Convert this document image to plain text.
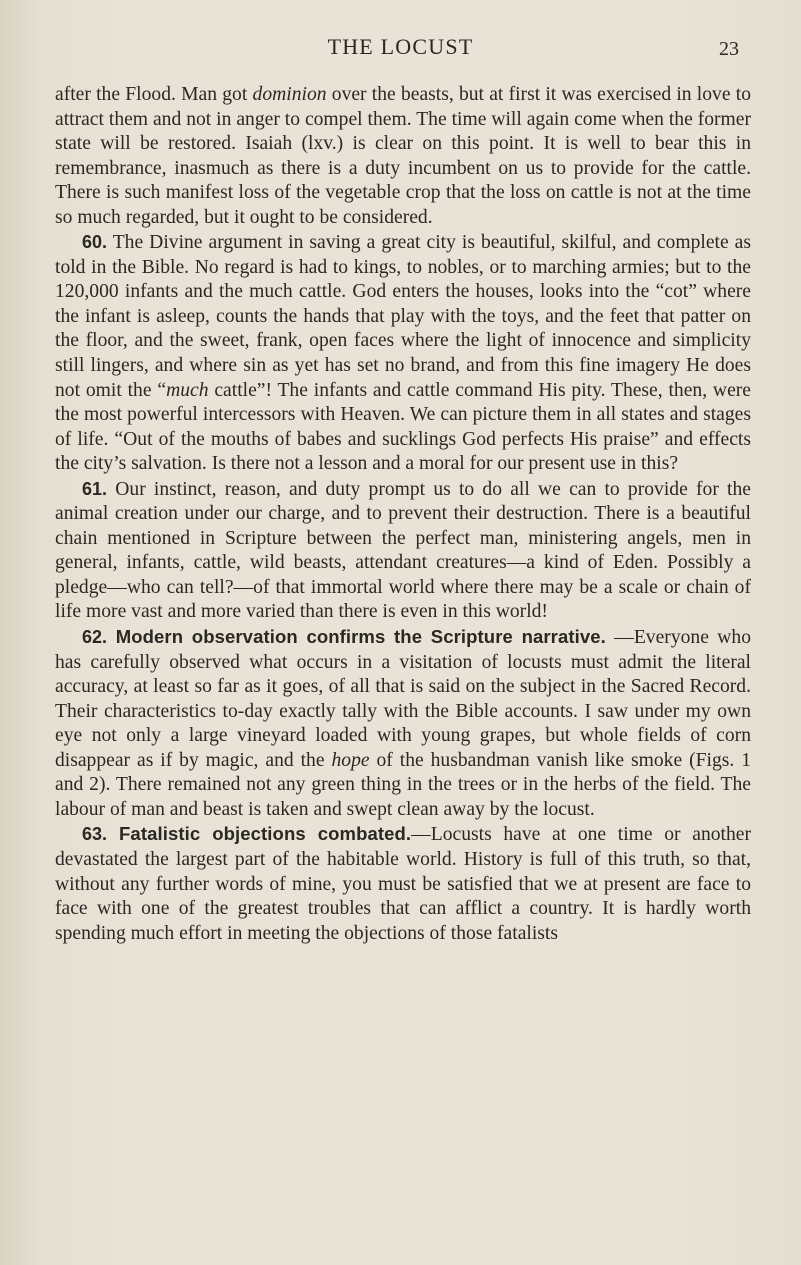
THE LOCUST	23

after the Flood. Man got dominion over the beasts, but at first it was exercised in love to attract them and not in anger to compel them. The time will again come when the former state will be restored. Isaiah (lxv.) is clear on this point. It is well to bear this in remembrance, inasmuch as there is a duty incumbent on us to provide for the cattle. There is such manifest loss of the vegetable crop that the loss on cattle is not at the time so much regarded, but it ought to be considered.

60. The Divine argument in saving a great city is beautiful, skilful, and complete as told in the Bible. No regard is had to kings, to nobles, or to marching armies; but to the 120,000 infants and the much cattle. God enters the houses, looks into the “cot” where the infant is asleep, counts the hands that play with the toys, and the feet that patter on the floor, and the sweet, frank, open faces where the light of innocence and simplicity still lingers, and where sin as yet has set no brand, and from this fine imagery He does not omit the “much cattle”! The infants and cattle command His pity. These, then, were the most powerful intercessors with Heaven. We can picture them in all states and stages of life. “Out of the mouths of babes and sucklings God perfects His praise” and effects the city’s salvation. Is there not a lesson and a moral for our present use in this?

61. Our instinct, reason, and duty prompt us to do all we can to provide for the animal creation under our charge, and to prevent their destruction. There is a beautiful chain mentioned in Scripture between the perfect man, ministering angels, men in general, infants, cattle, wild beasts, attendant creatures—a kind of Eden. Possibly a pledge—who can tell?—of that immortal world where there may be a scale or chain of life more vast and more varied than there is even in this world!

62. Modern observation confirms the Scripture narrative. —Everyone who has carefully observed what occurs in a visitation of locusts must admit the literal accuracy, at least so far as it goes, of all that is said on the subject in the Sacred Record. Their characteristics to-day exactly tally with the Bible accounts. I saw under my own eye not only a large vineyard loaded with young grapes, but whole fields of corn disappear as if by magic, and the hope of the husbandman vanish like smoke (Figs. 1 and 2). There remained not any green thing in the trees or in the herbs of the field. The labour of man and beast is taken and swept clean away by the locust.

63. Fatalistic objections combated.—Locusts have at one time or another devastated the largest part of the habitable world. History is full of this truth, so that, without any further words of mine, you must be satisfied that we at present are face to face with one of the greatest troubles that can afflict a country. It is hardly worth spending much effort in meeting the objections of those fatalists
